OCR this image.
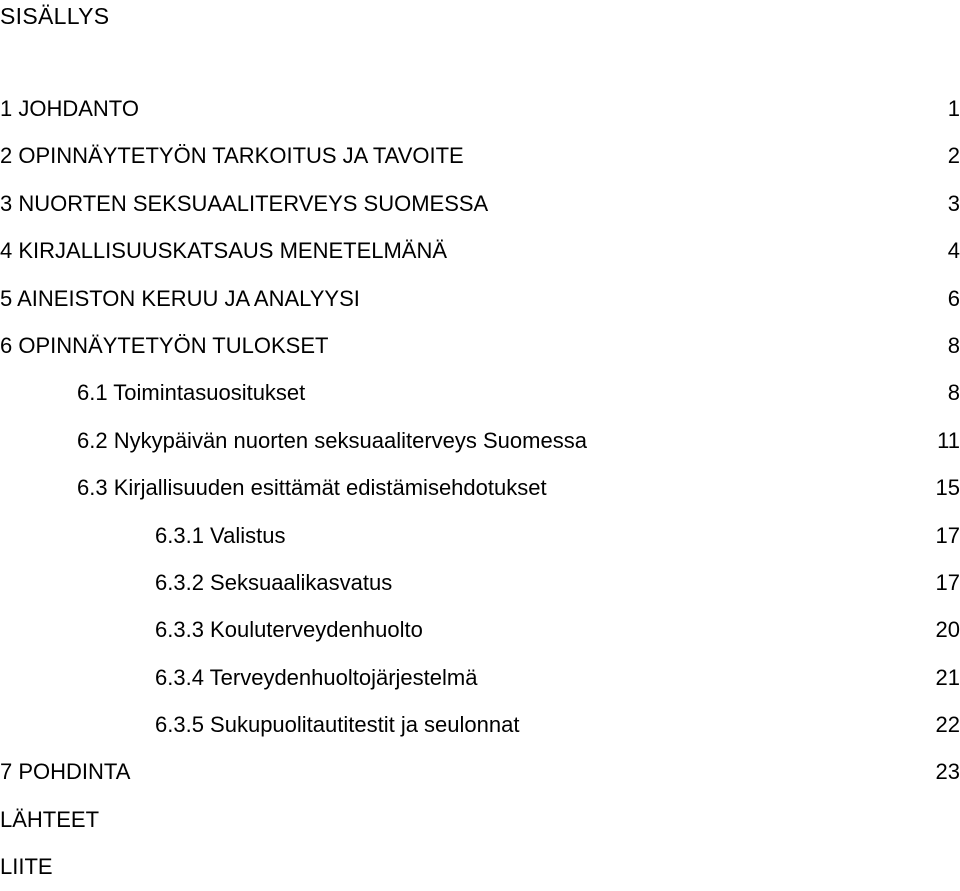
SISÄLLYS
1 JOHDANTO	1
2 OPINNÄYTETYÖN TARKOITUS JA TAVOITE	2
3 NUORTEN SEKSUAALITERVEYS SUOMESSA	3
4 KIRJALLISUUSKATSAUS MENETELMÄNÄ	4
5 AINEISTON KERUU JA ANALYYSI	6
6 OPINNÄYTETYÖN TULOKSET	8
6.1 Toimintasuositukset	8
6.2 Nykypäivän nuorten seksuaaliterveys Suomessa	11
6.3 Kirjallisuuden esittämät edistämisehdotukset	15
6.3.1 Valistus	17
6.3.2 Seksuaalikasvatus	17
6.3.3 Kouluterveydenhuolto	20
6.3.4 Terveydenhuoltojärjestelmä	21
6.3.5 Sukupuolitautitestit ja seulonnat	22
7 POHDINTA	23
LÄHTEET
LIITE
